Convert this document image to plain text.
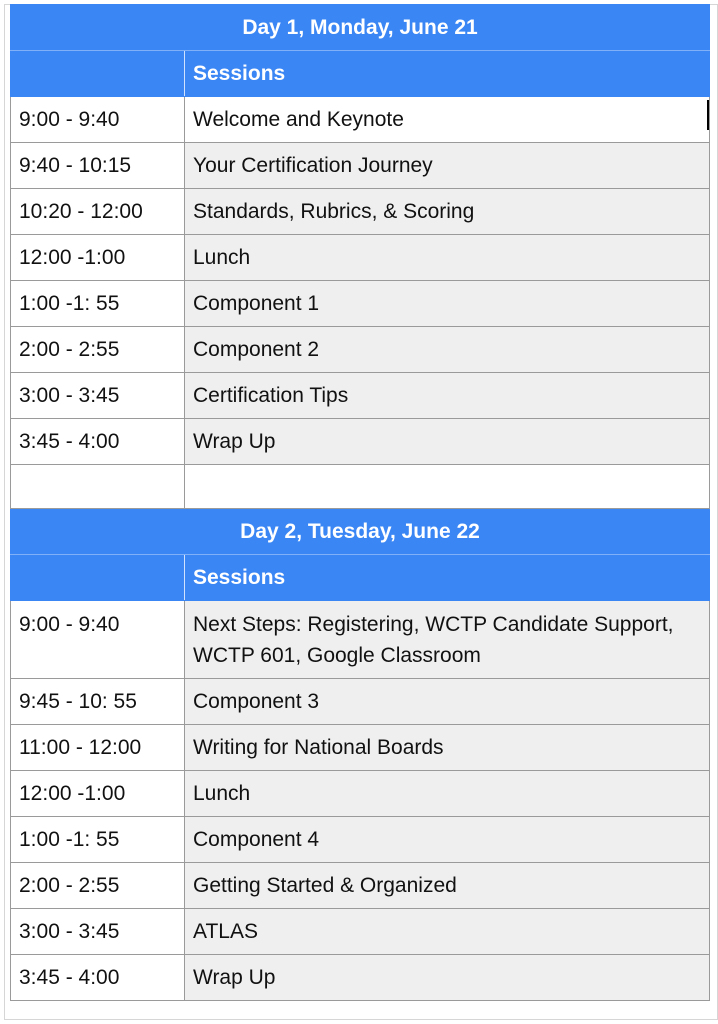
Day 1, Monday, June 21	
	Sessions
9:00 - 9:40	Welcome and Keynote
9:40 - 10:15	Your Certification Journey
10:20 - 12:00	Standards, Rubrics, & Scoring
12:00 -1:00	Lunch
1:00 -1: 55	Component 1
2:00 - 2:55	Component 2
3:00 - 3:45	Certification Tips
3:45 - 4:00	Wrap Up

Day 2, Tuesday, June 22	
	Sessions
9:00 - 9:40	Next Steps: Registering, WCTP Candidate Support, WCTP 601, Google Classroom
9:45 - 10: 55	Component 3
11:00 - 12:00	Writing for National Boards
12:00 -1:00	Lunch
1:00 -1: 55	Component 4
2:00 - 2:55	Getting Started & Organized
3:00 - 3:45	ATLAS
3:45 - 4:00	Wrap Up
